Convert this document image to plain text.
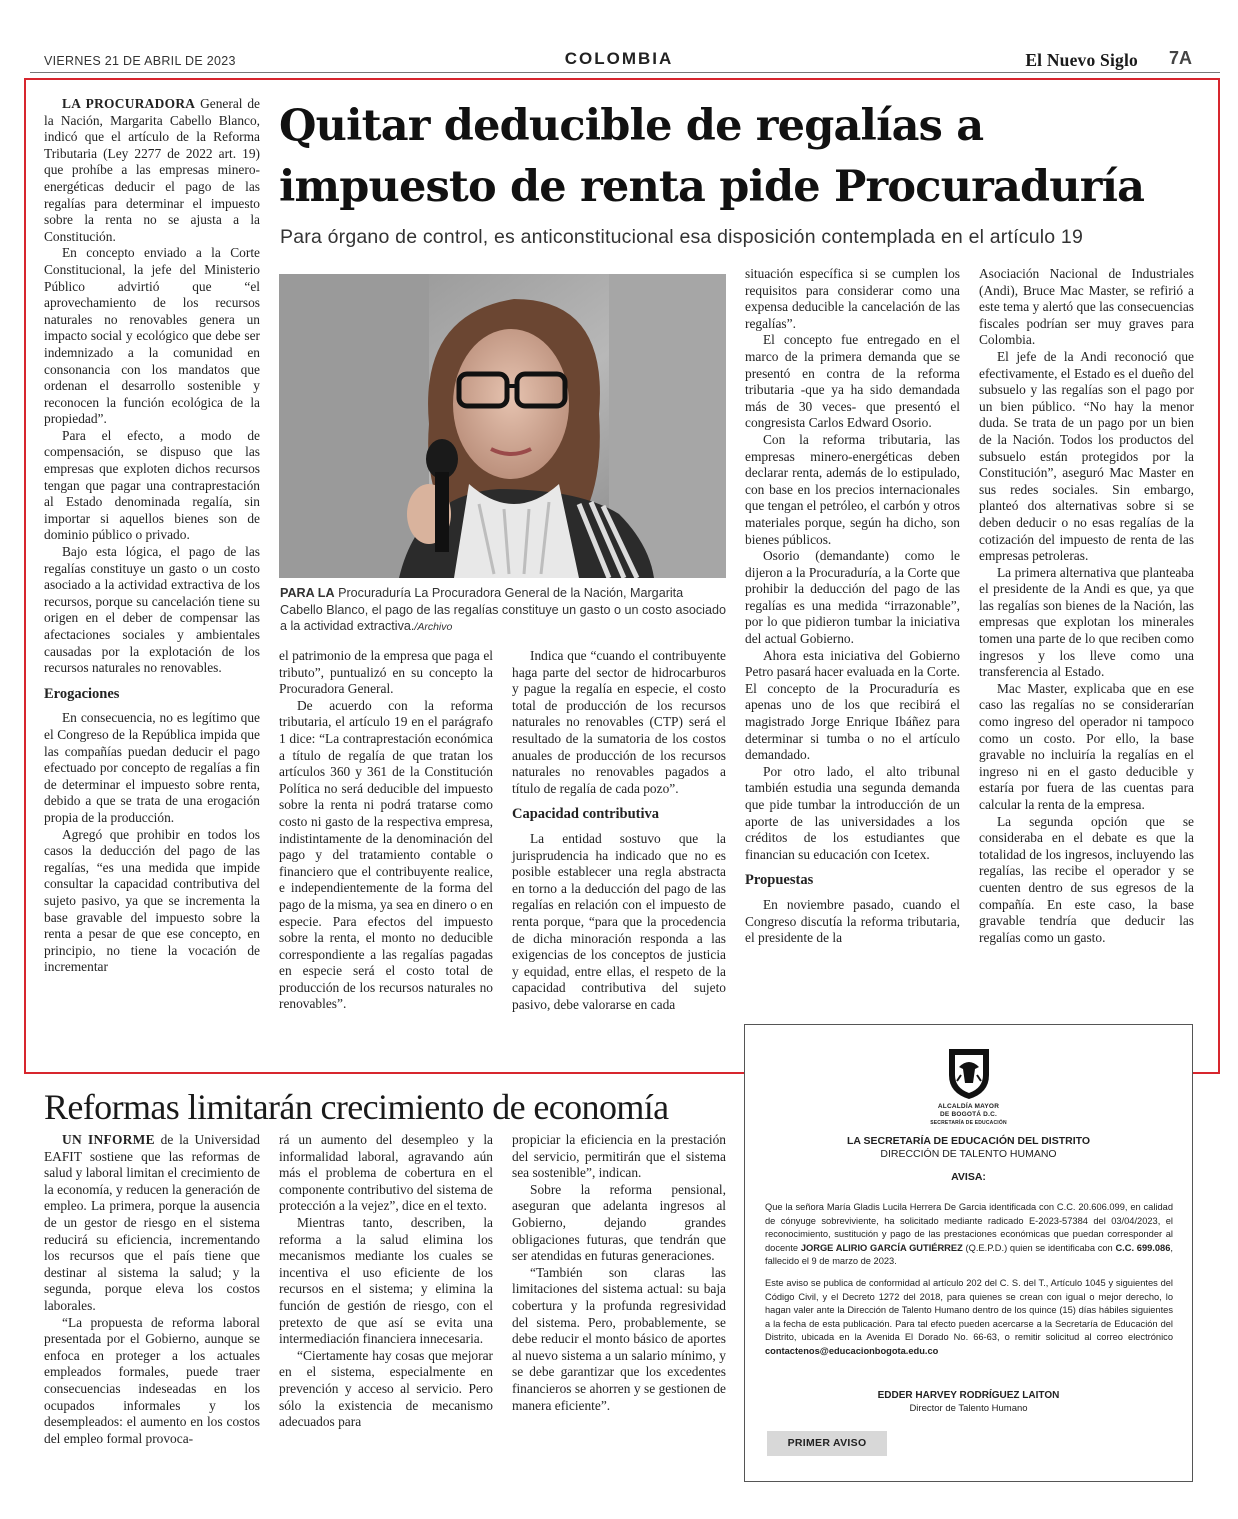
VIERNES 21 DE ABRIL DE 2023	COLOMBIA	El Nuevo Siglo 7A
Quitar deducible de regalías a impuesto de renta pide Procuraduría
Para órgano de control, es anticonstitucional esa disposición contemplada en el artículo 19
PARA LA Procuraduría La Procuradora General de la Nación, Margarita Cabello Blanco, el pago de las regalías constituye un gasto o un costo asociado a la actividad extractiva./Archivo

LA PROCURADORA General de la Nación, Margarita Cabello Blanco, indicó que el artículo de la Reforma Tributaria (Ley 2277 de 2022 art. 19) que prohíbe a las empresas minero-energéticas deducir el pago de las regalías para determinar el impuesto sobre la renta no se ajusta a la Constitución.

En concepto enviado a la Corte Constitucional, la jefe del Ministerio Público advirtió que “el aprovechamiento de los recursos naturales no renovables genera un impacto social y ecológico que debe ser indemnizado a la comunidad en consonancia con los mandatos que ordenan el desarrollo sostenible y reconocen la función ecológica de la propiedad”.

Para el efecto, a modo de compensación, se dispuso que las empresas que exploten dichos recursos tengan que pagar una contraprestación al Estado denominada regalía, sin importar si aquellos bienes son de dominio público o privado.

Bajo esta lógica, el pago de las regalías constituye un gasto o un costo asociado a la actividad extractiva de los recursos, porque su cancelación tiene su origen en el deber de compensar las afectaciones sociales y ambientales causadas por la explotación de los recursos naturales no renovables.

Erogaciones

En consecuencia, no es legítimo que el Congreso de la República impida que las compañías puedan deducir el pago efectuado por concepto de regalías a fin de determinar el impuesto sobre renta, debido a que se trata de una erogación propia de la producción.

Agregó que prohibir en todos los casos la deducción del pago de las regalías, “es una medida que impide consultar la capacidad contributiva del sujeto pasivo, ya que se incrementa la base gravable del impuesto sobre la renta a pesar de que ese concepto, en principio, no tiene la vocación de incrementar

el patrimonio de la empresa que paga el tributo”, puntualizó en su concepto la Procuradora General.

De acuerdo con la reforma tributaria, el artículo 19 en el parágrafo 1 dice: “La contraprestación económica a título de regalía de que tratan los artículos 360 y 361 de la Constitución Política no será deducible del impuesto sobre la renta ni podrá tratarse como costo ni gasto de la respectiva empresa, indistintamente de la denominación del pago y del tratamiento contable o financiero que el contribuyente realice, e independientemente de la forma del pago de la misma, ya sea en dinero o en especie. Para efectos del impuesto sobre la renta, el monto no deducible correspondiente a las regalías pagadas en especie será el costo total de producción de los recursos naturales no renovables”.

Indica que “cuando el contribuyente haga parte del sector de hidrocarburos y pague la regalía en especie, el costo total de producción de los recursos naturales no renovables (CTP) será el resultado de la sumatoria de los costos anuales de producción de los recursos naturales no renovables pagados a título de regalía de cada pozo”.

Capacidad contributiva

La entidad sostuvo que la jurisprudencia ha indicado que no es posible establecer una regla abstracta en torno a la deducción del pago de las regalías en relación con el impuesto de renta porque, “para que la procedencia de dicha minoración responda a las exigencias de los conceptos de justicia y equidad, entre ellas, el respeto de la capacidad contributiva del sujeto pasivo, debe valorarse en cada

situación específica si se cumplen los requisitos para considerar como una expensa deducible la cancelación de las regalías”.

El concepto fue entregado en el marco de la primera demanda que se presentó en contra de la reforma tributaria -que ya ha sido demandada más de 30 veces- que presentó el congresista Carlos Edward Osorio.

Con la reforma tributaria, las empresas minero-energéticas deben declarar renta, además de lo estipulado, con base en los precios internacionales que tengan el petróleo, el carbón y otros materiales porque, según ha dicho, son bienes públicos.

Osorio (demandante) como le dijeron a la Procuraduría, a la Corte que prohibir la deducción del pago de las regalías es una medida “irrazonable”, por lo que pidieron tumbar la iniciativa del actual Gobierno.

Ahora esta iniciativa del Gobierno Petro pasará hacer evaluada en la Corte. El concepto de la Procuraduría es apenas uno de los que recibirá el magistrado Jorge Enrique Ibáñez para determinar si tumba o no el artículo demandado.

Por otro lado, el alto tribunal también estudia una segunda demanda que pide tumbar la introducción de un aporte de las universidades a los créditos de los estudiantes que financian su educación con Icetex.

Propuestas

En noviembre pasado, cuando el Congreso discutía la reforma tributaria, el presidente de la

Asociación Nacional de Industriales (Andi), Bruce Mac Master, se refirió a este tema y alertó que las consecuencias fiscales podrían ser muy graves para Colombia.

El jefe de la Andi reconoció que efectivamente, el Estado es el dueño del subsuelo y las regalías son el pago por un bien público. “No hay la menor duda. Se trata de un pago por un bien de la Nación. Todos los productos del subsuelo están protegidos por la Constitución”, aseguró Mac Master en sus redes sociales. Sin embargo, planteó dos alternativas sobre si se deben deducir o no esas regalías de la cotización del impuesto de renta de las empresas petroleras.

La primera alternativa que planteaba el presidente de la Andi es que, ya que las regalías son bienes de la Nación, las empresas que explotan los minerales tomen una parte de lo que reciben como ingresos y los lleve como una transferencia al Estado.

Mac Master, explicaba que en ese caso las regalías no se considerarían como ingreso del operador ni tampoco como un costo. Por ello, la base gravable no incluiría la regalías en el ingreso ni en el gasto deducible y estaría por fuera de las cuentas para calcular la renta de la empresa.

La segunda opción que se consideraba en el debate es que la totalidad de los ingresos, incluyendo las regalías, las recibe el operador y se cuenten dentro de sus egresos de la compañía. En este caso, la base gravable tendría que deducir las regalías como un gasto.

Reformas limitarán crecimiento de economía

UN INFORME de la Universidad EAFIT sostiene que las reformas de salud y laboral limitan el crecimiento de la economía, y reducen la generación de empleo. La primera, porque la ausencia de un gestor de riesgo en el sistema reducirá su eficiencia, incrementando los recursos que el país tiene que destinar al sistema la salud; y la segunda, porque eleva los costos laborales.

“La propuesta de reforma laboral presentada por el Gobierno, aunque se enfoca en proteger a los actuales empleados formales, puede traer consecuencias indeseadas en los ocupados informales y los desempleados: el aumento en los costos del empleo formal provoca-

rá un aumento del desempleo y la informalidad laboral, agravando aún más el problema de cobertura en el componente contributivo del sistema de protección a la vejez”, dice en el texto.

Mientras tanto, describen, la reforma a la salud elimina los mecanismos mediante los cuales se incentiva el uso eficiente de los recursos en el sistema; y elimina la función de gestión de riesgo, con el pretexto de que así se evita una intermediación financiera innecesaria.

“Ciertamente hay cosas que mejorar en el sistema, especialmente en prevención y acceso al servicio. Pero sólo la existencia de mecanismo adecuados para

propiciar la eficiencia en la prestación del servicio, permitirán que el sistema sea sostenible”, indican.

Sobre la reforma pensional, aseguran que adelanta ingresos al Gobierno, dejando grandes obligaciones futuras, que tendrán que ser atendidas en futuras generaciones.

“También son claras las limitaciones del sistema actual: su baja cobertura y la profunda regresividad del sistema. Pero, probablemente, se debe reducir el monto básico de aportes al nuevo sistema a un salario mínimo, y se debe garantizar que los excedentes financieros se ahorren y se gestionen de manera eficiente”.

ALCALDÍA MAYOR
DE BOGOTÁ D.C.
SECRETARÍA DE EDUCACIÓN
LA SECRETARÍA DE EDUCACIÓN DEL DISTRITO
DIRECCIÓN DE TALENTO HUMANO
AVISA:
Que la señora María Gladis Lucila Herrera De Garcia identificada con C.C. 20.606.099, en calidad de cónyuge sobreviviente, ha solicitado mediante radicado E-2023-57384 del 03/04/2023, el reconocimiento, sustitución y pago de las prestaciones económicas que puedan corresponder al docente JORGE ALIRIO GARCÍA GUTIÉRREZ (Q.E.P.D.) quien se identificaba con C.C. 699.086, fallecido el 9 de marzo de 2023.
Este aviso se publica de conformidad al artículo 202 del C. S. del T., Artículo 1045 y siguientes del Código Civil, y el Decreto 1272 del 2018, para quienes se crean con igual o mejor derecho, lo hagan valer ante la Dirección de Talento Humano dentro de los quince (15) días hábiles siguientes a la fecha de esta publicación. Para tal efecto pueden acercarse a la Secretaría de Educación del Distrito, ubicada en la Avenida El Dorado No. 66-63, o remitir solicitud al correo electrónico contactenos@educacionbogota.edu.co
EDDER HARVEY RODRÍGUEZ LAITON
Director de Talento Humano
PRIMER AVISO
